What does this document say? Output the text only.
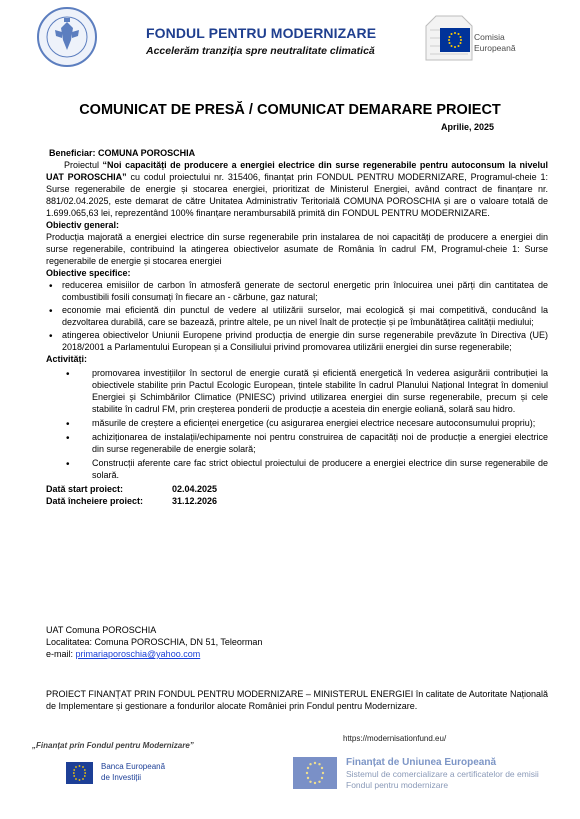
FONDUL PENTRU MODERNIZARE
Accelerăm tranziția spre neutralitate climatică
Comisia
Europeană
COMUNICAT DE PRESĂ / COMUNICAT DEMARARE PROIECT
Aprilie, 2025

Beneficiar: COMUNA POROSCHIA

Proiectul “Noi capacități de producere a energiei electrice din surse regenerabile pentru autoconsum la nivelul UAT POROSCHIA” cu codul proiectului nr. 315406, finanțat prin FONDUL PENTRU MODERNIZARE, Programul-cheie 1: Surse regenerabile de energie și stocarea energiei, prioritizat de Ministerul Energiei, având contract de finanțare nr. 881/02.04.2025, este demarat de către Unitatea Administrativ Teritorială COMUNA POROSCHIA și are o valoare totală de 1.699.065,63 lei, reprezentând 100% finanțare nerambursabilă primită din FONDUL PENTRU MODERNIZARE.

Obiectiv general:

Producția majorată a energiei electrice din surse regenerabile prin instalarea de noi capacități de producere a energiei din surse regenerabile, contribuind la atingerea obiectivelor asumate de România în cadrul FM, Programul-cheie 1: Surse regenerabile de energie și stocarea energiei

Obiective specifice:

• reducerea emisiilor de carbon în atmosferă generate de sectorul energetic prin înlocuirea unei părți din cantitatea de combustibili fosili consumați în fiecare an - cărbune, gaz natural;
• economie mai eficientă din punctul de vedere al utilizării surselor, mai ecologică și mai competitivă, conducând la dezvoltarea durabilă, care se bazează, printre altele, pe un nivel înalt de protecție și pe îmbunătățirea calității mediului;
• atingerea obiectivelor Uniunii Europene privind producția de energie din surse regenerabile prevăzute în Directiva (UE) 2018/2001 a Parlamentului European și a Consiliului privind promovarea utilizării energiei din surse regenerabile;

Activități:

• promovarea investițiilor în sectorul de energie curată și eficientă energetică în vederea asigurării contribuției la obiectivele stabilite prin Pactul Ecologic European, țintele stabilite în cadrul Planului Național Integrat în domeniul Energiei și Schimbărilor Climatice (PNIESC) privind utilizarea energiei din surse regenerabile, precum și cele stabilite în cadrul FM, prin creșterea ponderii de producție a acesteia din energie eoliană, solară sau hidro.
• măsurile de creștere a eficienței energetice (cu asigurarea energiei electrice necesare autoconsumului propriu);
• achiziționarea de instalații/echipamente noi pentru construirea de capacități noi de producție a energiei electrice din surse regenerabile de energie solară;
• Construcții aferente care fac strict obiectul proiectului de producere a energiei electrice din surse regenerabile de solară.
Dată start proiect:	02.04.2025
Dată încheiere proiect:	31.12.2026

UAT Comuna POROSCHIA

Localitatea: Comuna POROSCHIA, DN 51, Teleorman

e-mail: primariaporoschia@yahoo.com

PROIECT FINANȚAT PRIN FONDUL PENTRU MODERNIZARE – MINISTERUL ENERGIEI în calitate de Autoritate Națională de Implementare și gestionare a fondurilor alocate României prin Fondul pentru Modernizare.
„Finanțat prin Fondul pentru Modernizare”
https://modernisationfund.eu/
Banca Europeană
de Investiții
Finanțat de Uniunea Europeană
Sistemul de comercializare a certificatelor de emisii
Fondul pentru modernizare
